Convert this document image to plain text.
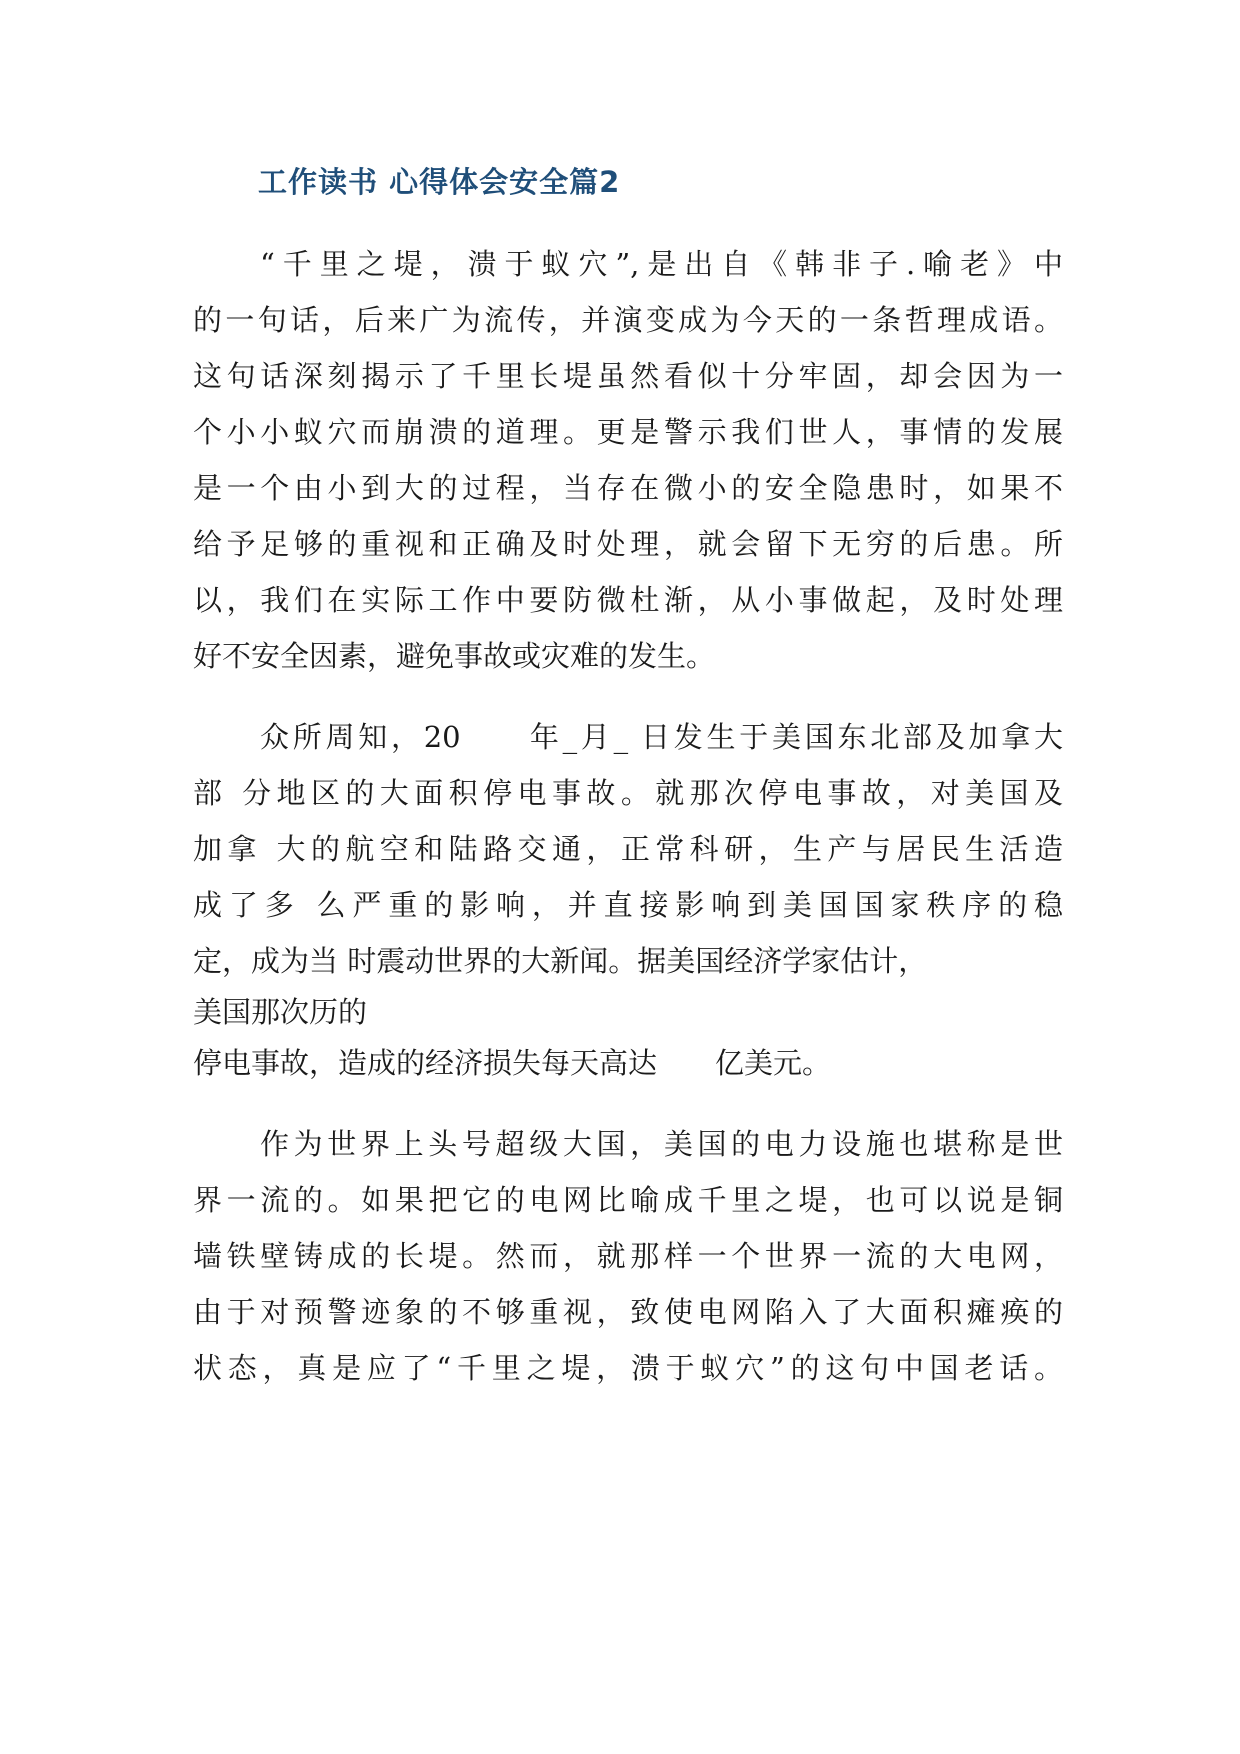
工作读书 心得体会安全篇2

“千里之堤，溃于蚁穴”,是出自《韩非子.喻老》中

的一句话，后来广为流传，并演变成为今天的一条哲理成语。

这句话深刻揭示了千里长堤虽然看似十分牢固，却会因为一

个小小蚁穴而崩溃的道理。更是警示我们世人，事情的发展

是一个由小到大的过程，当存在微小的安全隐患时，如果不

给予足够的重视和正确及时处理，就会留下无穷的后患。所

以，我们在实际工作中要防微杜渐，从小事做起，及时处理

好不安全因素，避免事故或灾难的发生。

众所周知，20　　年_月_ 日发生于美国东北部及加拿大

部 分地区的大面积停电事故。就那次停电事故，对美国及

加拿 大的航空和陆路交通，正常科研，生产与居民生活造

成了多 么严重的影响，并直接影响到美国国家秩序的稳

定，成为当 时震动世界的大新闻。据美国经济学家估计，

美国那次历的

停电事故，造成的经济损失每天高达　　亿美元。

作为世界上头号超级大国，美国的电力设施也堪称是世

界一流的。如果把它的电网比喻成千里之堤，也可以说是铜

墙铁壁铸成的长堤。然而，就那样一个世界一流的大电网，

由于对预警迹象的不够重视，致使电网陷入了大面积瘫痪的

状态，真是应了“千里之堤，溃于蚁穴”的这句中国老话。
